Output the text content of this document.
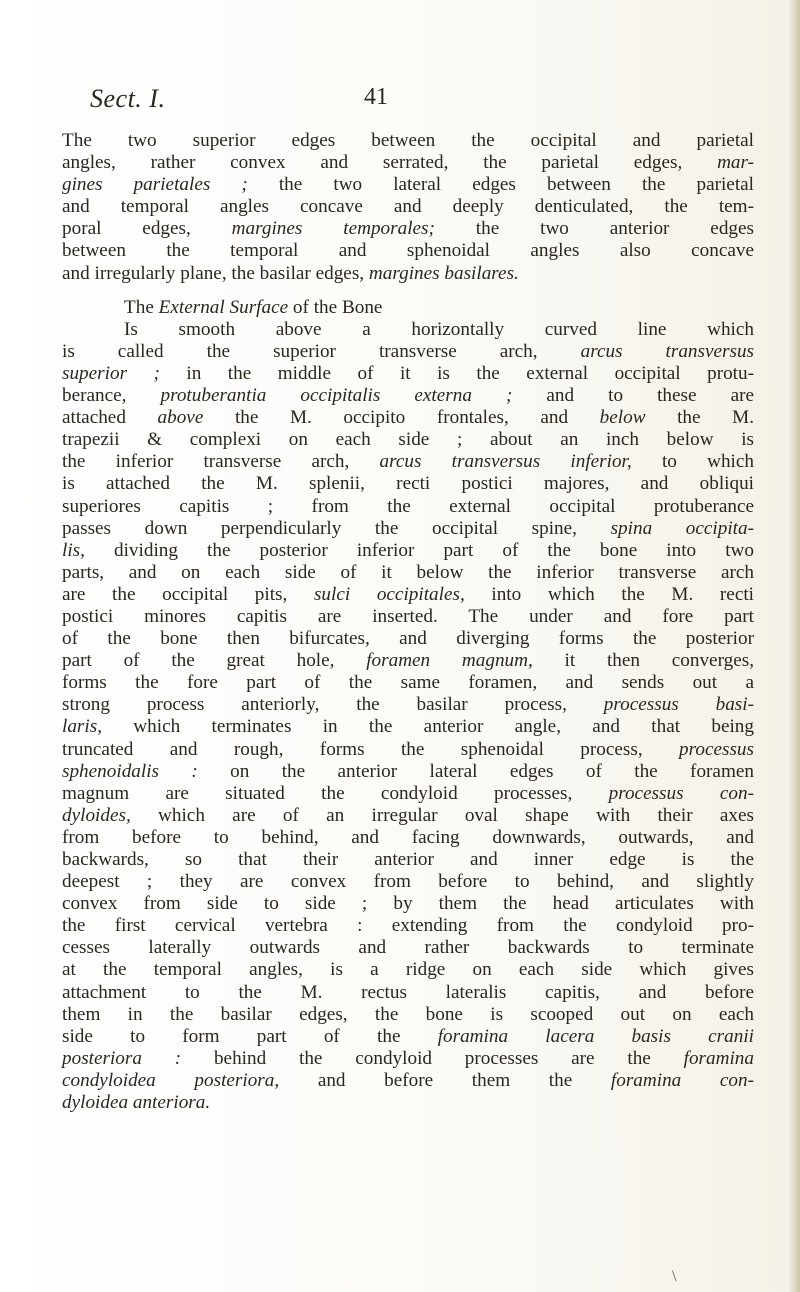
Sect. I.	41

The two superior edges between the occipital and parietal
angles, rather convex and serrated, the parietal edges, mar-
gines parietales ; the two lateral edges between the parietal
and temporal angles concave and deeply denticulated, the tem-
poral edges, margines temporales; the two anterior edges
between the temporal and sphenoidal angles also concave
and irregularly plane, the basilar edges, margines basilares.

The External Surface of the Bone

Is smooth above a horizontally curved line which
is called the superior transverse arch, arcus transversus
superior ; in the middle of it is the external occipital protu-
berance, protuberantia occipitalis externa ; and to these are
attached above the M. occipito frontales, and below the M.
trapezii & complexi on each side ; about an inch below is
the inferior transverse arch, arcus transversus inferior, to which
is attached the M. splenii, recti postici majores, and obliqui
superiores capitis ; from the external occipital protuberance
passes down perpendicularly the occipital spine, spina occipita-
lis, dividing the posterior inferior part of the bone into two
parts, and on each side of it below the inferior transverse arch
are the occipital pits, sulci occipitales, into which the M. recti
postici minores capitis are inserted. The under and fore part
of the bone then bifurcates, and diverging forms the posterior
part of the great hole, foramen magnum, it then converges,
forms the fore part of the same foramen, and sends out a
strong process anteriorly, the basilar process, processus basi-
laris, which terminates in the anterior angle, and that being
truncated and rough, forms the sphenoidal process, processus
sphenoidalis : on the anterior lateral edges of the foramen
magnum are situated the condyloid processes, processus con-
dyloides, which are of an irregular oval shape with their axes
from before to behind, and facing downwards, outwards, and
backwards, so that their anterior and inner edge is the
deepest ; they are convex from before to behind, and slightly
convex from side to side ; by them the head articulates with
the first cervical vertebra : extending from the condyloid pro-
cesses laterally outwards and rather backwards to terminate
at the temporal angles, is a ridge on each side which gives
attachment to the M. rectus lateralis capitis, and before
them in the basilar edges, the bone is scooped out on each
side to form part of the foramina lacera basis cranii
posteriora : behind the condyloid processes are the foramina
condyloidea posteriora, and before them the foramina con-
dyloidea anteriora.

\
